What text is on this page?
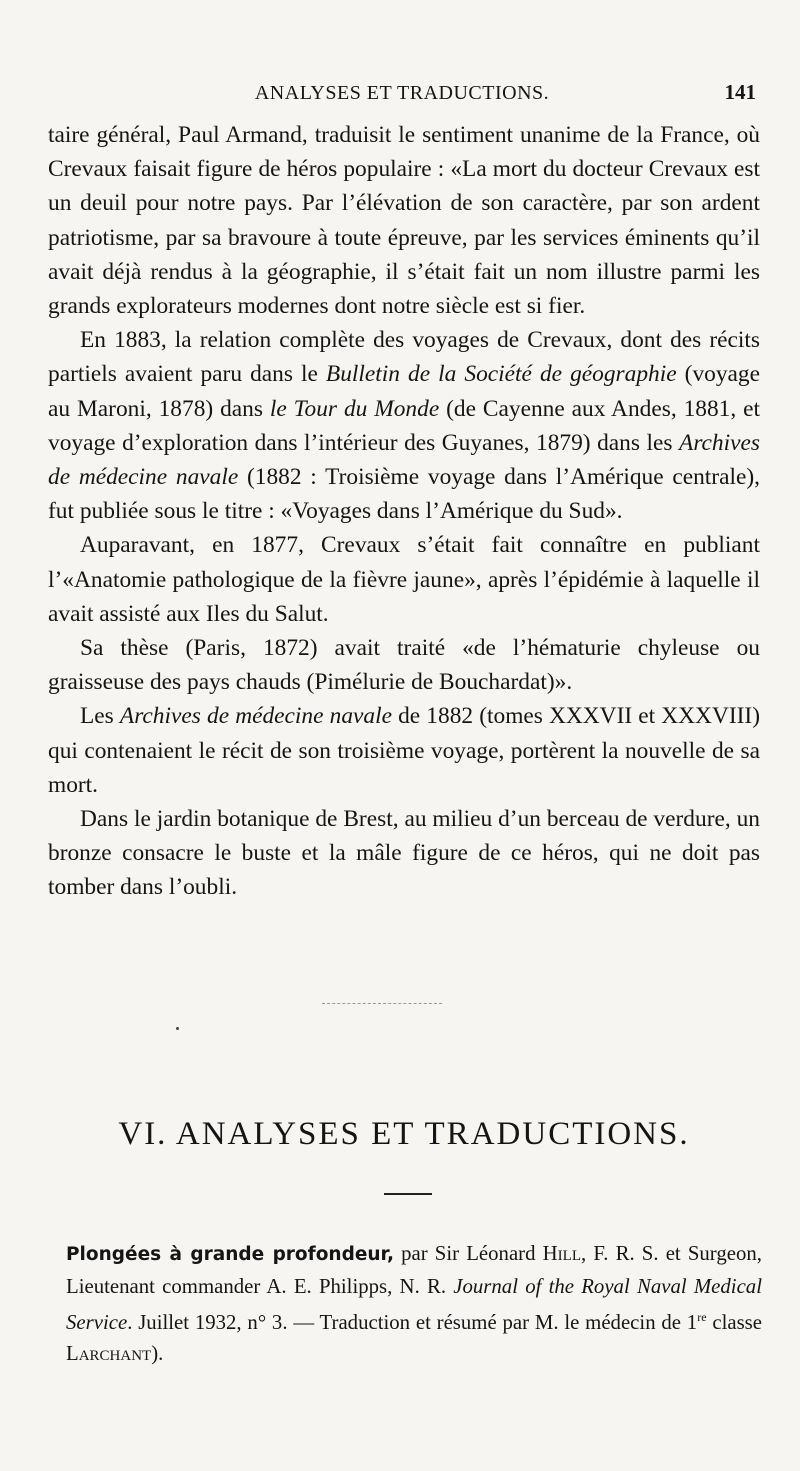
ANALYSES ET TRADUCTIONS.	141

taire général, Paul Armand, traduisit le sentiment unanime de la France, où Crevaux faisait figure de héros populaire : «La mort du docteur Crevaux est un deuil pour notre pays. Par l’élévation de son caractère, par son ardent patriotisme, par sa bravoure à toute épreuve, par les services éminents qu’il avait déjà rendus à la géographie, il s’était fait un nom illustre parmi les grands explorateurs modernes dont notre siècle est si fier.

En 1883, la relation complète des voyages de Crevaux, dont des récits partiels avaient paru dans le Bulletin de la Société de géographie (voyage au Maroni, 1878) dans le Tour du Monde (de Cayenne aux Andes, 1881, et voyage d’exploration dans l’intérieur des Guyanes, 1879) dans les Archives de médecine navale (1882 : Troisième voyage dans l’Amérique centrale), fut publiée sous le titre : «Voyages dans l’Amérique du Sud».

Auparavant, en 1877, Crevaux s’était fait connaître en publiant l’«Anatomie pathologique de la fièvre jaune», après l’épidémie à laquelle il avait assisté aux Iles du Salut.

Sa thèse (Paris, 1872) avait traité «de l’hématurie chyleuse ou graisseuse des pays chauds (Pimélurie de Bouchardat)».

Les Archives de médecine navale de 1882 (tomes XXXVII et XXXVIII) qui contenaient le récit de son troisième voyage, portèrent la nouvelle de sa mort.

Dans le jardin botanique de Brest, au milieu d’un berceau de verdure, un bronze consacre le buste et la mâle figure de ce héros, qui ne doit pas tomber dans l’oubli.

VI. ANALYSES ET TRADUCTIONS.
Plongées à grande profondeur, par Sir Léonard Hill, F. R. S. et Surgeon, Lieutenant commander A. E. Philipps, N. R. Journal of the Royal Naval Medical Service. Juillet 1932, n° 3. — Traduction et résumé par M. le médecin de 1re classe Larchant).
